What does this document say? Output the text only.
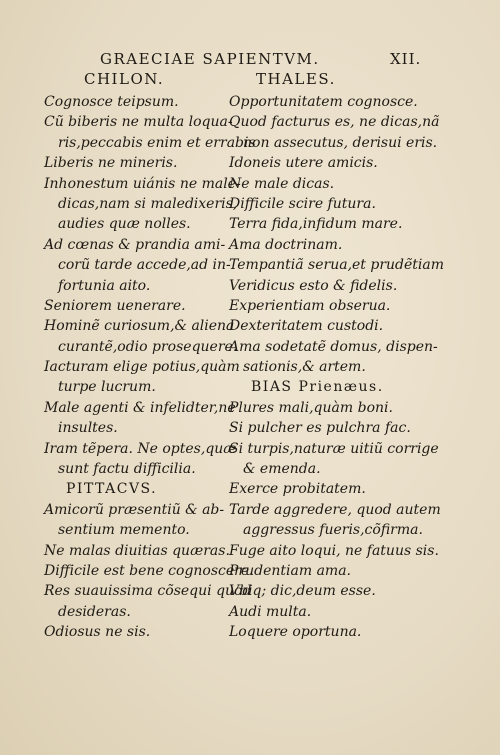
GRAECIAE SAPIENTVM.	XII.
CHILON.	THALES.
Cognosce teipsum.
Cũ biberis ne multa loqua-
ris,peccabis enim et errabis
Liberis ne mineris.
Inhonestum uiánis ne male-
dicas,nam si maledixeris,
audies quæ nolles.
Ad cœnas & prandia ami-
corũ tarde accede,ad in-
fortunia aito.
Seniorem uenerare.
Hominẽ curiosum,& aliena
curantẽ,odio prosequere.
Iacturam elige potius,quàm
turpe lucrum.
Male agenti & infelidter,ne
insultes.
Iram tẽpera. Ne optes,quæ
sunt factu difficilia.
PITTACVS.
Amicorũ præsentiũ & ab-
sentium memento.
Ne malas diuitias quæras.
Difficile est bene cognoscere.
Res suauissima cõsequi quod
desideras.
Odiosus ne sis.
Opportunitatem cognosce.
Quod facturus es, ne dicas,nã
non assecutus, derisui eris.
Idoneis utere amicis.
Ne male dicas.
Difficile scire futura.
Terra fida,infidum mare.
Ama doctrinam.
Tempantiã serua,et prudẽtiam
Veridicus esto & fidelis.
Experientiam obserua.
Dexteritatem custodi.
Ama sodetatẽ domus, dispen-
sationis,& artem.
BIAS Prienæus.
Plures mali,quàm boni.
Si pulcher es pulchra fac.
Si turpis,naturæ uitiũ corrige
& emenda.
Exerce probitatem.
Tarde aggredere, quod autem
aggressus fueris,cõfirma.
Fuge aito loqui, ne fatuus sis.
Prudentiam ama.
Vbiq; dic,deum esse.
Audi multa.
Loquere oportuna.
